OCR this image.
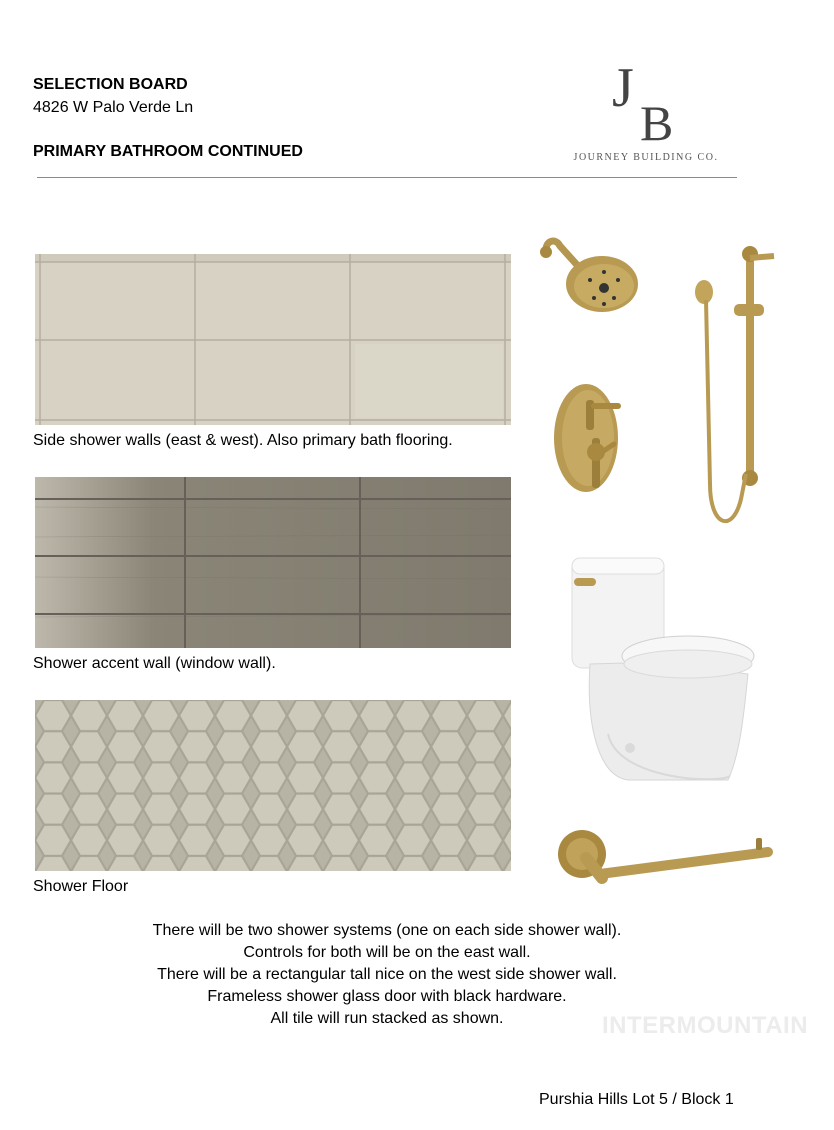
SELECTION BOARD
4826 W Palo Verde Ln
PRIMARY BATHROOM CONTINUED
J
B
JOURNEY BUILDING CO.
Side shower walls (east & west). Also primary bath flooring.
Shower accent wall (window wall).
Shower Floor
There will be two shower systems (one on each side shower wall).
Controls for both will be on the east wall.
There will be a rectangular tall nice on the west side shower wall.
Frameless shower glass door with black hardware.
All tile will run stacked as shown.	INTERMOUNTAIN
Purshia Hills Lot 5 / Block 1
